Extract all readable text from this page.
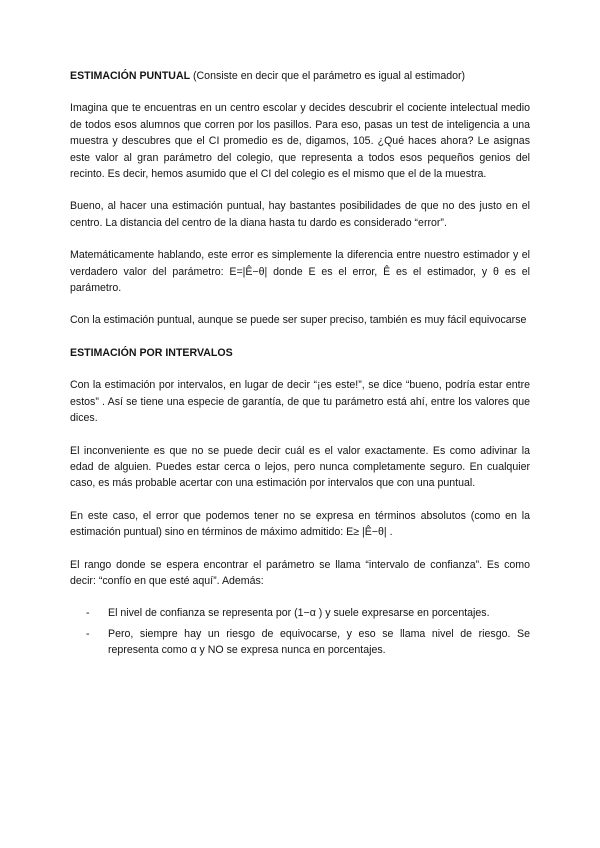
ESTIMACIÓN PUNTUAL (Consiste en decir que el parámetro es igual al estimador)

Imagina que te encuentras en un centro escolar y decides descubrir el cociente intelectual medio de todos esos alumnos que corren por los pasillos. Para eso, pasas un test de inteligencia a una muestra y descubres que el CI promedio es de, digamos, 105. ¿Qué haces ahora? Le asignas este valor al gran parámetro del colegio, que representa a todos esos pequeños genios del recinto. Es decir, hemos asumido que el CI del colegio es el mismo que el de la muestra.

Bueno, al hacer una estimación puntual, hay bastantes posibilidades de que no des justo en el centro. La distancia del centro de la diana hasta tu dardo es considerado “error”.

Matemáticamente hablando, este error es simplemente la diferencia entre nuestro estimador y el verdadero valor del parámetro: E=|Ê−θ| donde E es el error, Ê es el estimador, y θ es el parámetro.

Con la estimación puntual, aunque se puede ser super preciso, también es muy fácil equivocarse

ESTIMACIÓN POR INTERVALOS

Con la estimación por intervalos, en lugar de decir “¡es este!”, se dice “bueno, podría estar entre estos” . Así se tiene una especie de garantía, de que tu parámetro está ahí, entre los valores que dices.

El inconveniente es que no se puede decir cuál es el valor exactamente. Es como adivinar la edad de alguien. Puedes estar cerca o lejos, pero nunca completamente seguro. En cualquier caso, es más probable acertar con una estimación por intervalos que con una puntual.

En este caso, el error que podemos tener no se expresa en términos absolutos (como en la estimación puntual) sino en términos de máximo admitido: E≥ |Ê−θ| .

El rango donde se espera encontrar el parámetro se llama “intervalo de confianza”. Es como decir: “confío en que esté aquí”. Además:

-	El nivel de confianza se representa por (1−α ) y suele expresarse en porcentajes.
-	Pero, siempre hay un riesgo de equivocarse, y eso se llama nivel de riesgo. Se representa como α y NO se expresa nunca en porcentajes.
